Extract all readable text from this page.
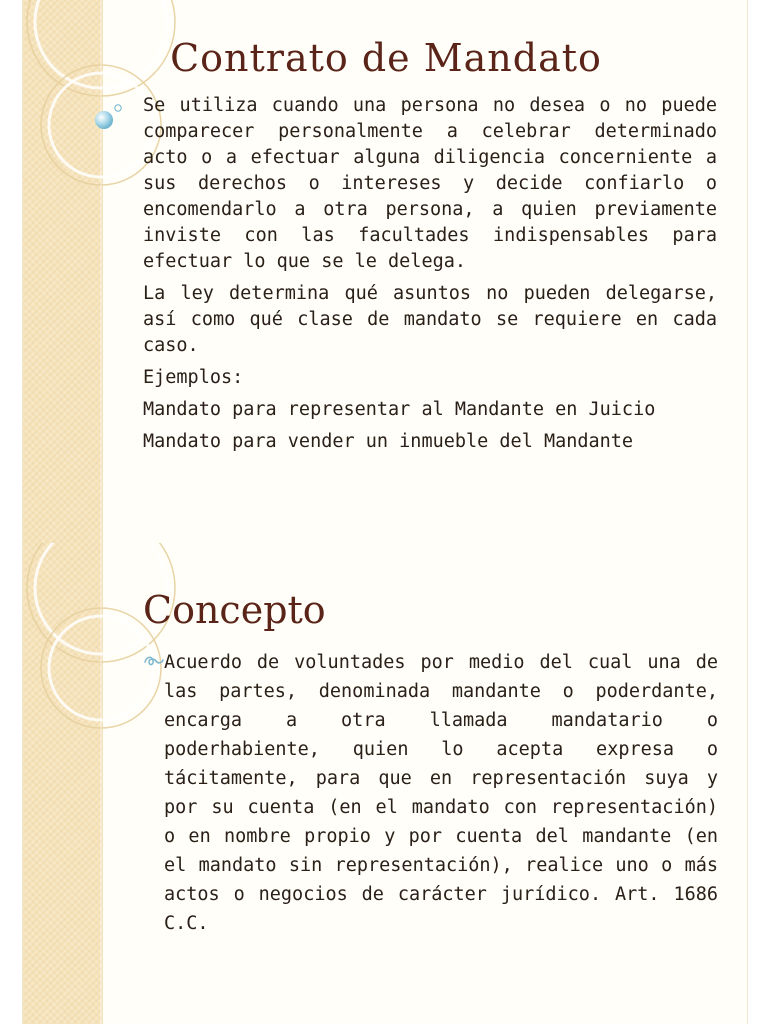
Contrato de Mandato

Se utiliza cuando una persona no desea o no puede comparecer personalmente a celebrar determinado acto o a efectuar alguna diligencia concerniente a sus derechos o intereses y decide confiarlo o encomendarlo a otra persona, a quien previamente inviste con las facultades indispensables para efectuar lo que se le delega.

La ley determina qué asuntos no pueden delegarse, así como qué clase de mandato se requiere en cada caso.

Ejemplos:

Mandato para representar al Mandante en Juicio

Mandato para vender un inmueble del Mandante

Concepto
Acuerdo de voluntades por medio del cual una de las partes, denominada mandante o poderdante, encarga a otra llamada mandatario o poderhabiente, quien lo acepta expresa o tácitamente, para que en representación suya y por su cuenta (en el mandato con representación) o en nombre propio y por cuenta del mandante (en el mandato sin representación), realice uno o más actos o negocios de carácter jurídico. Art. 1686 C.C.
